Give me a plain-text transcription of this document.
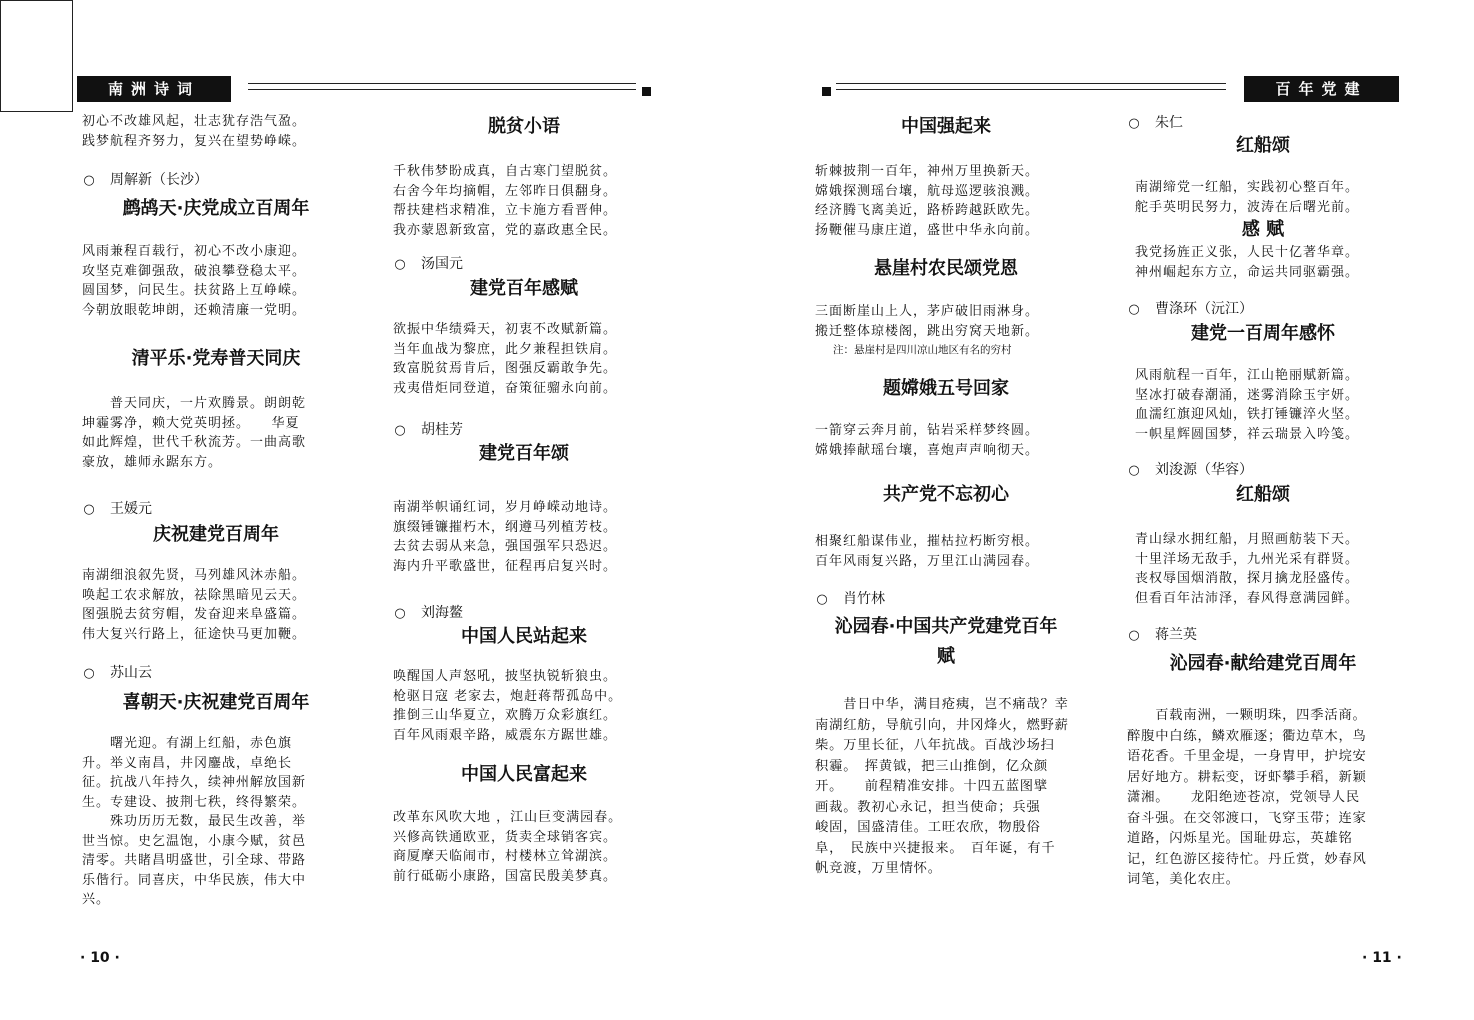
南洲诗词	百年党建
· 10 ·	· 11 ·

初心不改雄风起，壮志犹存浩气盈。

践梦航程齐努力，复兴在望势峥嵘。

○ 周解新（长沙）

鹧鸪天·庆党成立百周年

风雨兼程百载行，初心不改小康迎。

攻坚克难御强敌，破浪攀登稳太平。

圆国梦，问民生。扶贫路上互峥嵘。

今朝放眼乾坤朗，还赖清廉一党明。

清平乐·党寿普天同庆

　　普天同庆，一片欢腾景。朗朗乾

坤霾雾净，赖大党英明拯。　　华夏

如此辉煌，世代千秋流芳。一曲高歌

豪放，雄师永踞东方。

○ 王媛元

庆祝建党百周年

南湖细浪叙先贤，马列雄风沐赤船。

唤起工农求解放，祛除黑暗见云天。

图强脱去贫穷帽，发奋迎来阜盛篇。

伟大复兴行路上，征途快马更加鞭。

○ 苏山云

喜朝天·庆祝建党百周年

　　曙光迎。有湖上红船，赤色旗

升。举义南昌，井冈鏖战，卓绝长

征。抗战八年持久，续神州解放国新

生。专建设、披荆七秩，终得繁荣。

　　殊功历历无数，最民生改善，举

世当惊。史乞温饱，小康今赋，贫邑

清零。共睹昌明盛世，引全球、带路

乐偕行。同喜庆，中华民族，伟大中

兴。

脱贫小语

千秋伟梦盼成真，自古寒门望脱贫。

右舍今年均摘帽，左邻昨日俱翻身。

帮扶建档求精准，立卡施方看晋伸。

我亦蒙恩新致富，党的嘉政惠全民。

○ 汤国元

建党百年感赋

欲振中华绩舜天，初衷不改赋新篇。

当年血战为黎庶，此夕兼程担铁肩。

致富脱贫焉肯后，图强反霸敢争先。

戎夷借炬同登道，奋策征骝永向前。

○ 胡桂芳

建党百年颂

南湖举帜诵红词，岁月峥嵘动地诗。

旗缀锤镰摧朽木，纲遵马列植芳枝。

去贫去弱从来急，强国强军只恐迟。

海内升平歌盛世，征程再启复兴时。

○ 刘海鳌

中国人民站起来

唤醒国人声怒吼，披坚执锐斩狼虫。

枪驱日寇 老家去，炮赶蒋帮孤岛中。

推倒三山华夏立，欢腾万众彩旗红。

百年风雨艰辛路，威震东方踞世雄。

中国人民富起来

改革东风吹大地 ，江山巨变满园春。

兴修高铁通欧亚，货卖全球销客宾。

商厦摩天临闹市，村楼林立耸湖滨。

前行砥砺小康路，国富民殷美梦真。

中国强起来

斩棘披荆一百年，神州万里换新天。

嫦娥探测瑶台壤，航母巡逻骇浪溅。

经济腾飞离美近，路桥跨越跃欧先。

扬鞭催马康庄道，盛世中华永向前。

悬崖村农民颂党恩

三面断崖山上人，茅庐破旧雨淋身。

搬迁整体琼楼阁，跳出穷窝天地新。

注：悬崖村是四川凉山地区有名的穷村

题嫦娥五号回家

一箭穿云奔月前，钻岩采样梦终圆。

嫦娥捧献瑶台壤，喜炮声声响彻天。

共产党不忘初心

相聚红船谋伟业，摧枯拉朽断穷根。

百年风雨复兴路，万里江山满园春。

○ 肖竹林

沁园春·中国共产党建党百年

赋

　　昔日中华，满目疮痍，岂不痛哉？幸

南湖红舫，导航引向，井冈烽火，燃野薪

柴。万里长征，八年抗战。百战沙场扫

积霾。　挥黄钺，把三山推倒，亿众颜

开。　　前程精准安排。十四五蓝图擘

画裁。教初心永记，担当使命；兵强

峻固，国盛清佳。工旺农欣，物殷俗

阜，　民族中兴捷报来。　百年诞，有千

帆竞渡，万里情怀。

○ 朱仁

红船颂

南湖缔党一红船，实践初心整百年。

舵手英明民努力，波涛在后曙光前。

感 赋

我党扬旌正义张，人民十亿著华章。

神州崛起东方立，命运共同驱霸强。

○ 曹涤环（沅江）

建党一百周年感怀

风雨航程一百年，江山艳丽赋新篇。

坚冰打破春潮涌，迷雾消除玉宇妍。

血濡红旗迎风灿，铁打锤镰淬火坚。

一帜星辉圆国梦，祥云瑞景入吟笺。

○ 刘浚源（华容）

红船颂

青山绿水拥红船，月照画舫装下天。

十里洋场无敌手，九州光采有群贤。

丧权辱国烟消散，探月擒龙胫盛传。

但看百年沽沛泽，春风得意满园鲜。

○ 蒋兰英

沁园春·献给建党百周年

　　百载南洲，一颗明珠，四季活商。

醉腹中白练，鳞欢雁逐；衢边草木，鸟

语花香。千里金堤，一身胄甲，护垸安

居好地方。耕耘变，讶虾攀手稻，新颖

潇湘。　　龙阳绝迹苍凉，党领导人民

奋斗强。在交邻渡口，飞穿玉带；连家

道路，闪烁星光。国耻毋忘，英雄铭

记，红色游区接待忙。丹丘赏，妙春风

词笔，美化农庄。
